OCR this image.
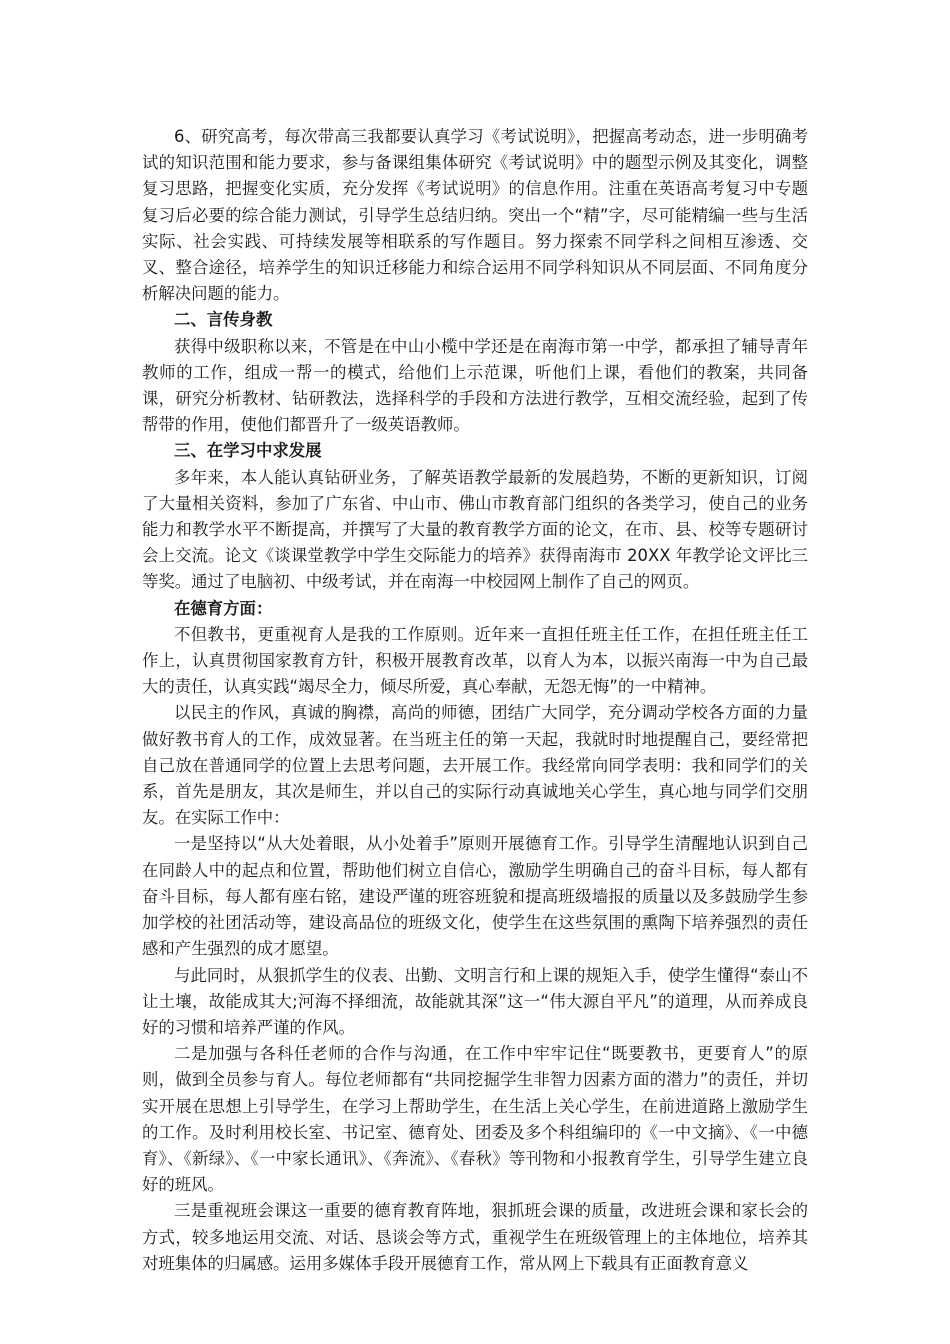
6、研究高考，每次带高三我都要认真学习《考试说明》，把握高考动态，进一步明确考试的知识范围和能力要求，参与备课组集体研究《考试说明》中的题型示例及其变化，调整复习思路，把握变化实质，充分发挥《考试说明》的信息作用。注重在英语高考复习中专题复习后必要的综合能力测试，引导学生总结归纳。突出一个“精”字，尽可能精编一些与生活实际、社会实践、可持续发展等相联系的写作题目。努力探索不同学科之间相互渗透、交叉、整合途径，培养学生的知识迁移能力和综合运用不同学科知识从不同层面、不同角度分析解决问题的能力。

二、言传身教

获得中级职称以来，不管是在中山小榄中学还是在南海市第一中学，都承担了辅导青年教师的工作，组成一帮一的模式，给他们上示范课，听他们上课，看他们的教案，共同备课，研究分析教材、钻研教法，选择科学的手段和方法进行教学，互相交流经验，起到了传帮带的作用，使他们都晋升了一级英语教师。

三、在学习中求发展

多年来，本人能认真钻研业务，了解英语教学最新的发展趋势，不断的更新知识，订阅了大量相关资料，参加了广东省、中山市、佛山市教育部门组织的各类学习，使自己的业务能力和教学水平不断提高，并撰写了大量的教育教学方面的论文，在市、县、校等专题研讨会上交流。论文《谈课堂教学中学生交际能力的培养》获得南海市 20XX 年教学论文评比三等奖。通过了电脑初、中级考试，并在南海一中校园网上制作了自己的网页。

在德育方面：

不但教书，更重视育人是我的工作原则。近年来一直担任班主任工作，在担任班主任工作上，认真贯彻国家教育方针，积极开展教育改革，以育人为本，以振兴南海一中为自己最大的责任，认真实践“竭尽全力，倾尽所爱，真心奉献，无怨无悔”的一中精神。

以民主的作风，真诚的胸襟，高尚的师德，团结广大同学，充分调动学校各方面的力量做好教书育人的工作，成效显著。在当班主任的第一天起，我就时时地提醒自己，要经常把自己放在普通同学的位置上去思考问题，去开展工作。我经常向同学表明：我和同学们的关系，首先是朋友，其次是师生，并以自己的实际行动真诚地关心学生，真心地与同学们交朋友。在实际工作中：

一是坚持以“从大处着眼，从小处着手”原则开展德育工作。引导学生清醒地认识到自己在同龄人中的起点和位置，帮助他们树立自信心，激励学生明确自己的奋斗目标，每人都有奋斗目标，每人都有座右铭，建设严谨的班容班貌和提高班级墙报的质量以及多鼓励学生参加学校的社团活动等，建设高品位的班级文化，使学生在这些氛围的熏陶下培养强烈的责任感和产生强烈的成才愿望。

与此同时，从狠抓学生的仪表、出勤、文明言行和上课的规矩入手，使学生懂得“泰山不让土壤，故能成其大;河海不择细流，故能就其深”这一“伟大源自平凡”的道理，从而养成良好的习惯和培养严谨的作风。

二是加强与各科任老师的合作与沟通，在工作中牢牢记住“既要教书，更要育人”的原则，做到全员参与育人。每位老师都有“共同挖掘学生非智力因素方面的潜力”的责任，并切实开展在思想上引导学生，在学习上帮助学生，在生活上关心学生，在前进道路上激励学生的工作。及时利用校长室、书记室、德育处、团委及多个科组编印的《一中文摘》、《一中德育》、《新绿》、《一中家长通讯》、《奔流》、《春秋》等刊物和小报教育学生，引导学生建立良好的班风。

三是重视班会课这一重要的德育教育阵地，狠抓班会课的质量，改进班会课和家长会的方式，较多地运用交流、对话、恳谈会等方式，重视学生在班级管理上的主体地位，培养其对班集体的归属感。运用多媒体手段开展德育工作，常从网上下载具有正面教育意义
